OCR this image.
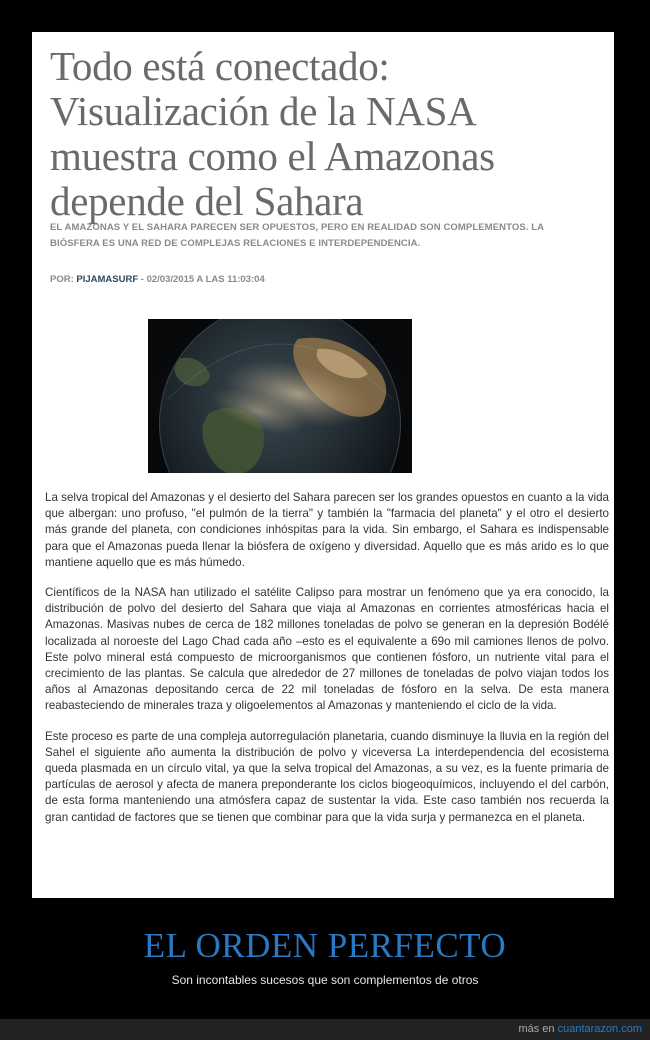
Todo está conectado: Visualización de la NASA muestra como el Amazonas depende del Sahara
EL AMAZONAS Y EL SAHARA PARECEN SER OPUESTOS, PERO EN REALIDAD SON COMPLEMENTOS. LA BIÓSFERA ES UNA RED DE COMPLEJAS RELACIONES E INTERDEPENDENCIA.
POR: PIJAMASURF - 02/03/2015 A LAS 11:03:04

La selva tropical del Amazonas y el desierto del Sahara parecen ser los grandes opuestos en cuanto a la vida que albergan: uno profuso, "el pulmón de la tierra" y también la "farmacia del planeta" y el otro el desierto más grande del planeta, con condiciones inhóspitas para la vida. Sin embargo, el Sahara es indispensable para que el Amazonas pueda llenar la biósfera de oxígeno y diversidad. Aquello que es más arido es lo que mantiene aquello que es más húmedo.

Científicos de la NASA han utilizado el satélite Calipso para mostrar un fenómeno que ya era conocido, la distribución de polvo del desierto del Sahara que viaja al Amazonas en corrientes atmosféricas hacia el Amazonas. Masivas nubes de cerca de 182 millones toneladas de polvo se generan en la depresión Bodélé localizada al noroeste del Lago Chad cada año –esto es el equivalente a 69o mil camiones llenos de polvo. Este polvo mineral está compuesto de microorganismos que contienen fósforo, un nutriente vital para el crecimiento de las plantas. Se calcula que alrededor de 27 millones de toneladas de polvo viajan todos los años al Amazonas depositando cerca de 22 mil toneladas de fósforo en la selva. De esta manera reabasteciendo de minerales traza y oligoelementos al Amazonas y manteniendo el ciclo de la vida.

Este proceso es parte de una compleja autorregulación planetaria, cuando disminuye la lluvia en la región del Sahel el siguiente año aumenta la distribución de polvo y viceversa La interdependencia del ecosistema queda plasmada en un círculo vital, ya que la selva tropical del Amazonas, a su vez, es la fuente primaria de partículas de aerosol y afecta de manera preponderante los ciclos biogeoquímicos, incluyendo el del carbón, de esta forma manteniendo una atmósfera capaz de sustentar la vida. Este caso también nos recuerda la gran cantidad de factores que se tienen que combinar para que la vida surja y permanezca en el planeta.

EL ORDEN PERFECTO
Son incontables sucesos que son complementos de otros
más en cuantarazon.com
